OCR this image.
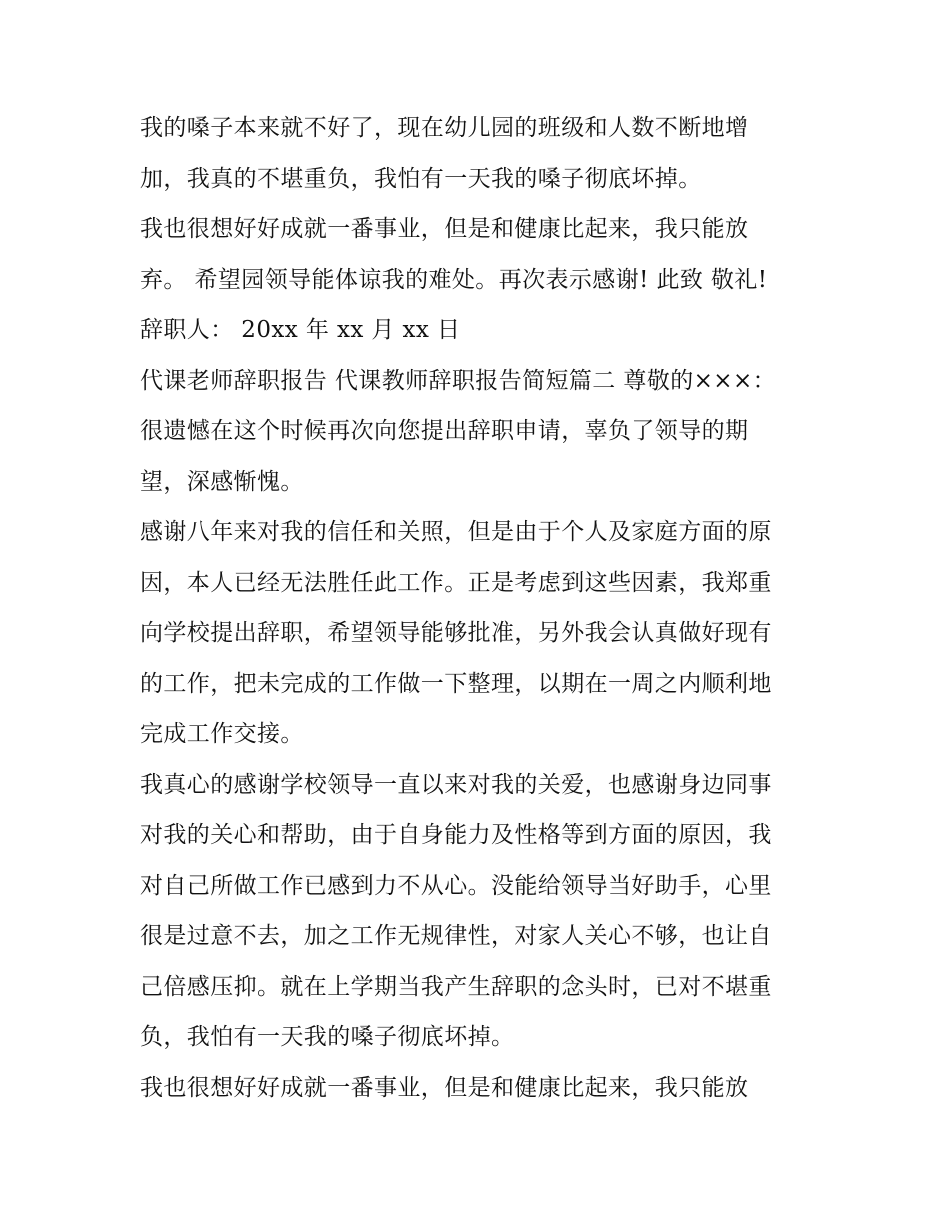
我的嗓子本来就不好了，现在幼儿园的班级和人数不断地增
加，我真的不堪重负，我怕有一天我的嗓子彻底坏掉。
我也很想好好成就一番事业，但是和健康比起来，我只能放
弃。 希望园领导能体谅我的难处。再次表示感谢! 此致 敬礼!
辞职人： 20xx 年 xx 月 xx 日
代课老师辞职报告 代课教师辞职报告简短篇二 尊敬的×××：
很遗憾在这个时候再次向您提出辞职申请，辜负了领导的期
望，深感惭愧。
感谢八年来对我的信任和关照，但是由于个人及家庭方面的原
因，本人已经无法胜任此工作。正是考虑到这些因素，我郑重
向学校提出辞职，希望领导能够批准，另外我会认真做好现有
的工作，把未完成的工作做一下整理，以期在一周之内顺利地
完成工作交接。
我真心的感谢学校领导一直以来对我的关爱，也感谢身边同事
对我的关心和帮助，由于自身能力及性格等到方面的原因，我
对自己所做工作已感到力不从心。没能给领导当好助手，心里
很是过意不去，加之工作无规律性，对家人关心不够，也让自
己倍感压抑。就在上学期当我产生辞职的念头时，已对不堪重
负，我怕有一天我的嗓子彻底坏掉。
我也很想好好成就一番事业，但是和健康比起来，我只能放
